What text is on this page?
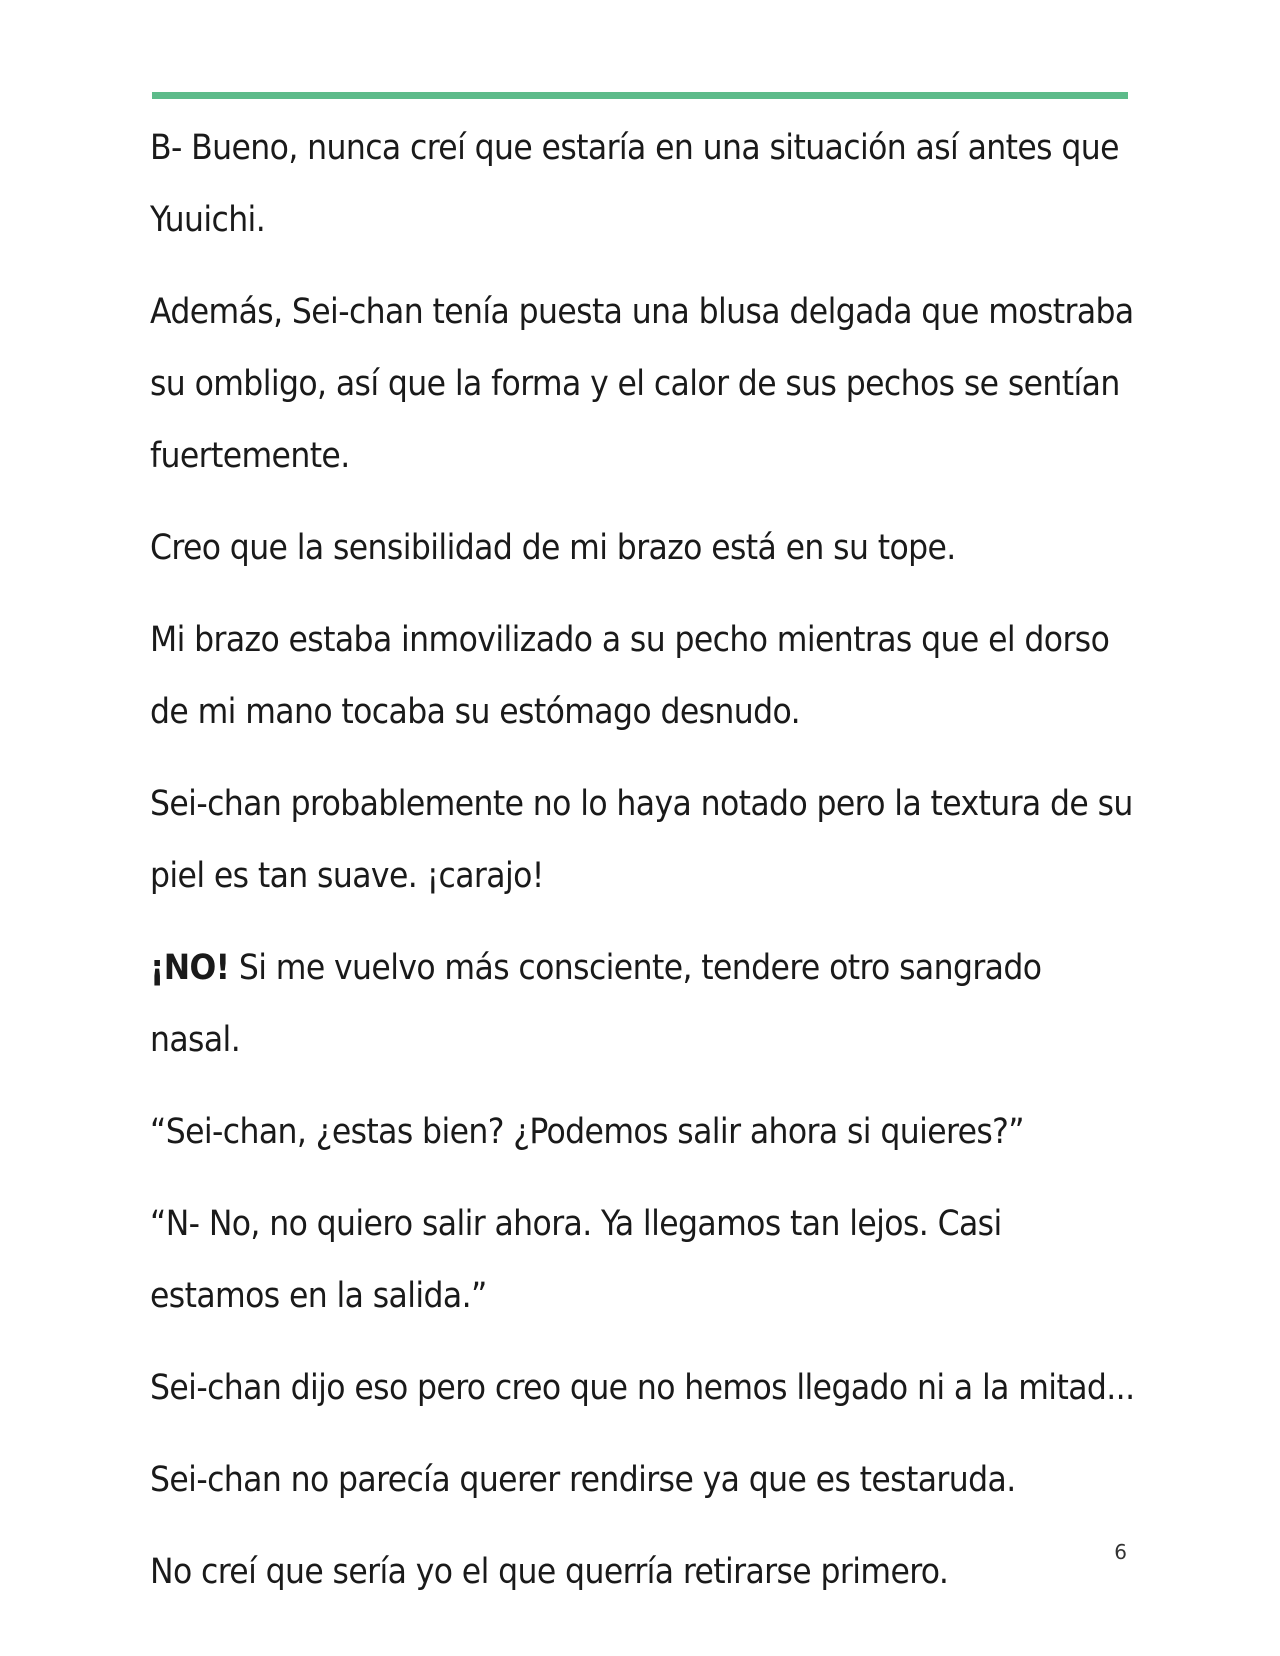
B- Bueno, nunca creí que estaría en una situación así antes que Yuuichi.

Además, Sei-chan tenía puesta una blusa delgada que mostraba su ombligo, así que la forma y el calor de sus pechos se sentían fuertemente.

Creo que la sensibilidad de mi brazo está en su tope.

Mi brazo estaba inmovilizado a su pecho mientras que el dorso de mi mano tocaba su estómago desnudo.

Sei-chan probablemente no lo haya notado pero la textura de su piel es tan suave. ¡carajo!

¡NO! Si me vuelvo más consciente, tendere otro sangrado nasal.

“Sei-chan, ¿estas bien? ¿Podemos salir ahora si quieres?”

“N- No, no quiero salir ahora. Ya llegamos tan lejos. Casi estamos en la salida.”

Sei-chan dijo eso pero creo que no hemos llegado ni a la mitad...

Sei-chan no parecía querer rendirse ya que es testaruda.

No creí que sería yo el que querría retirarse primero.	6
